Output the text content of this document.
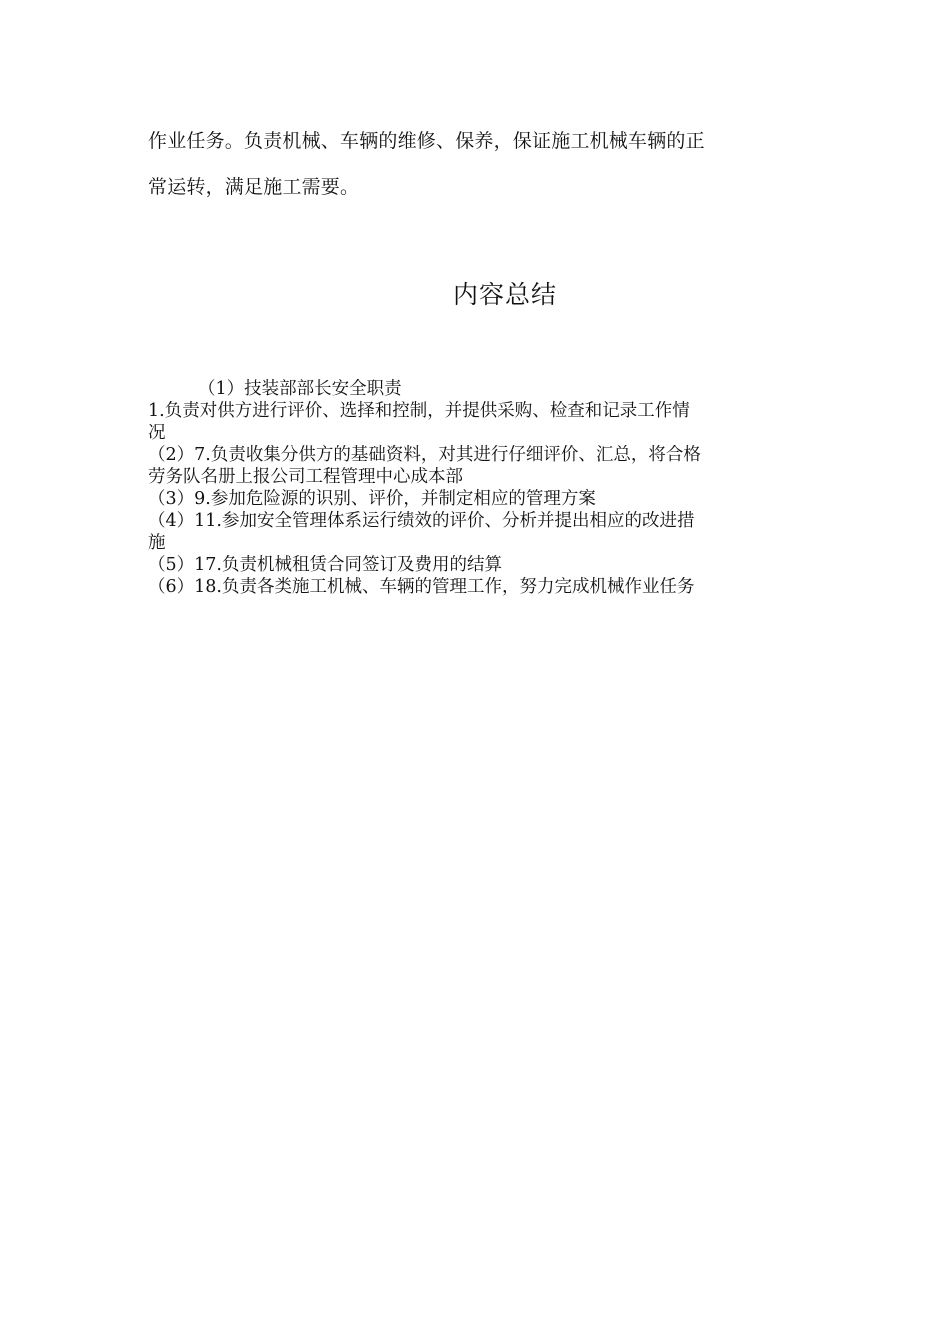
作业任务。负责机械、车辆的维修、保养，保证施工机械车辆的正

常运转，满足施工需要。

内容总结

（1）技装部部长安全职责

1.负责对供方进行评价、选择和控制，并提供采购、检查和记录工作情

况

（2）7.负责收集分供方的基础资料，对其进行仔细评价、汇总，将合格

劳务队名册上报公司工程管理中心成本部

（3）9.参加危险源的识别、评价，并制定相应的管理方案

（4）11.参加安全管理体系运行绩效的评价、分析并提出相应的改进措

施

（5）17.负责机械租赁合同签订及费用的结算

（6）18.负责各类施工机械、车辆的管理工作，努力完成机械作业任务
